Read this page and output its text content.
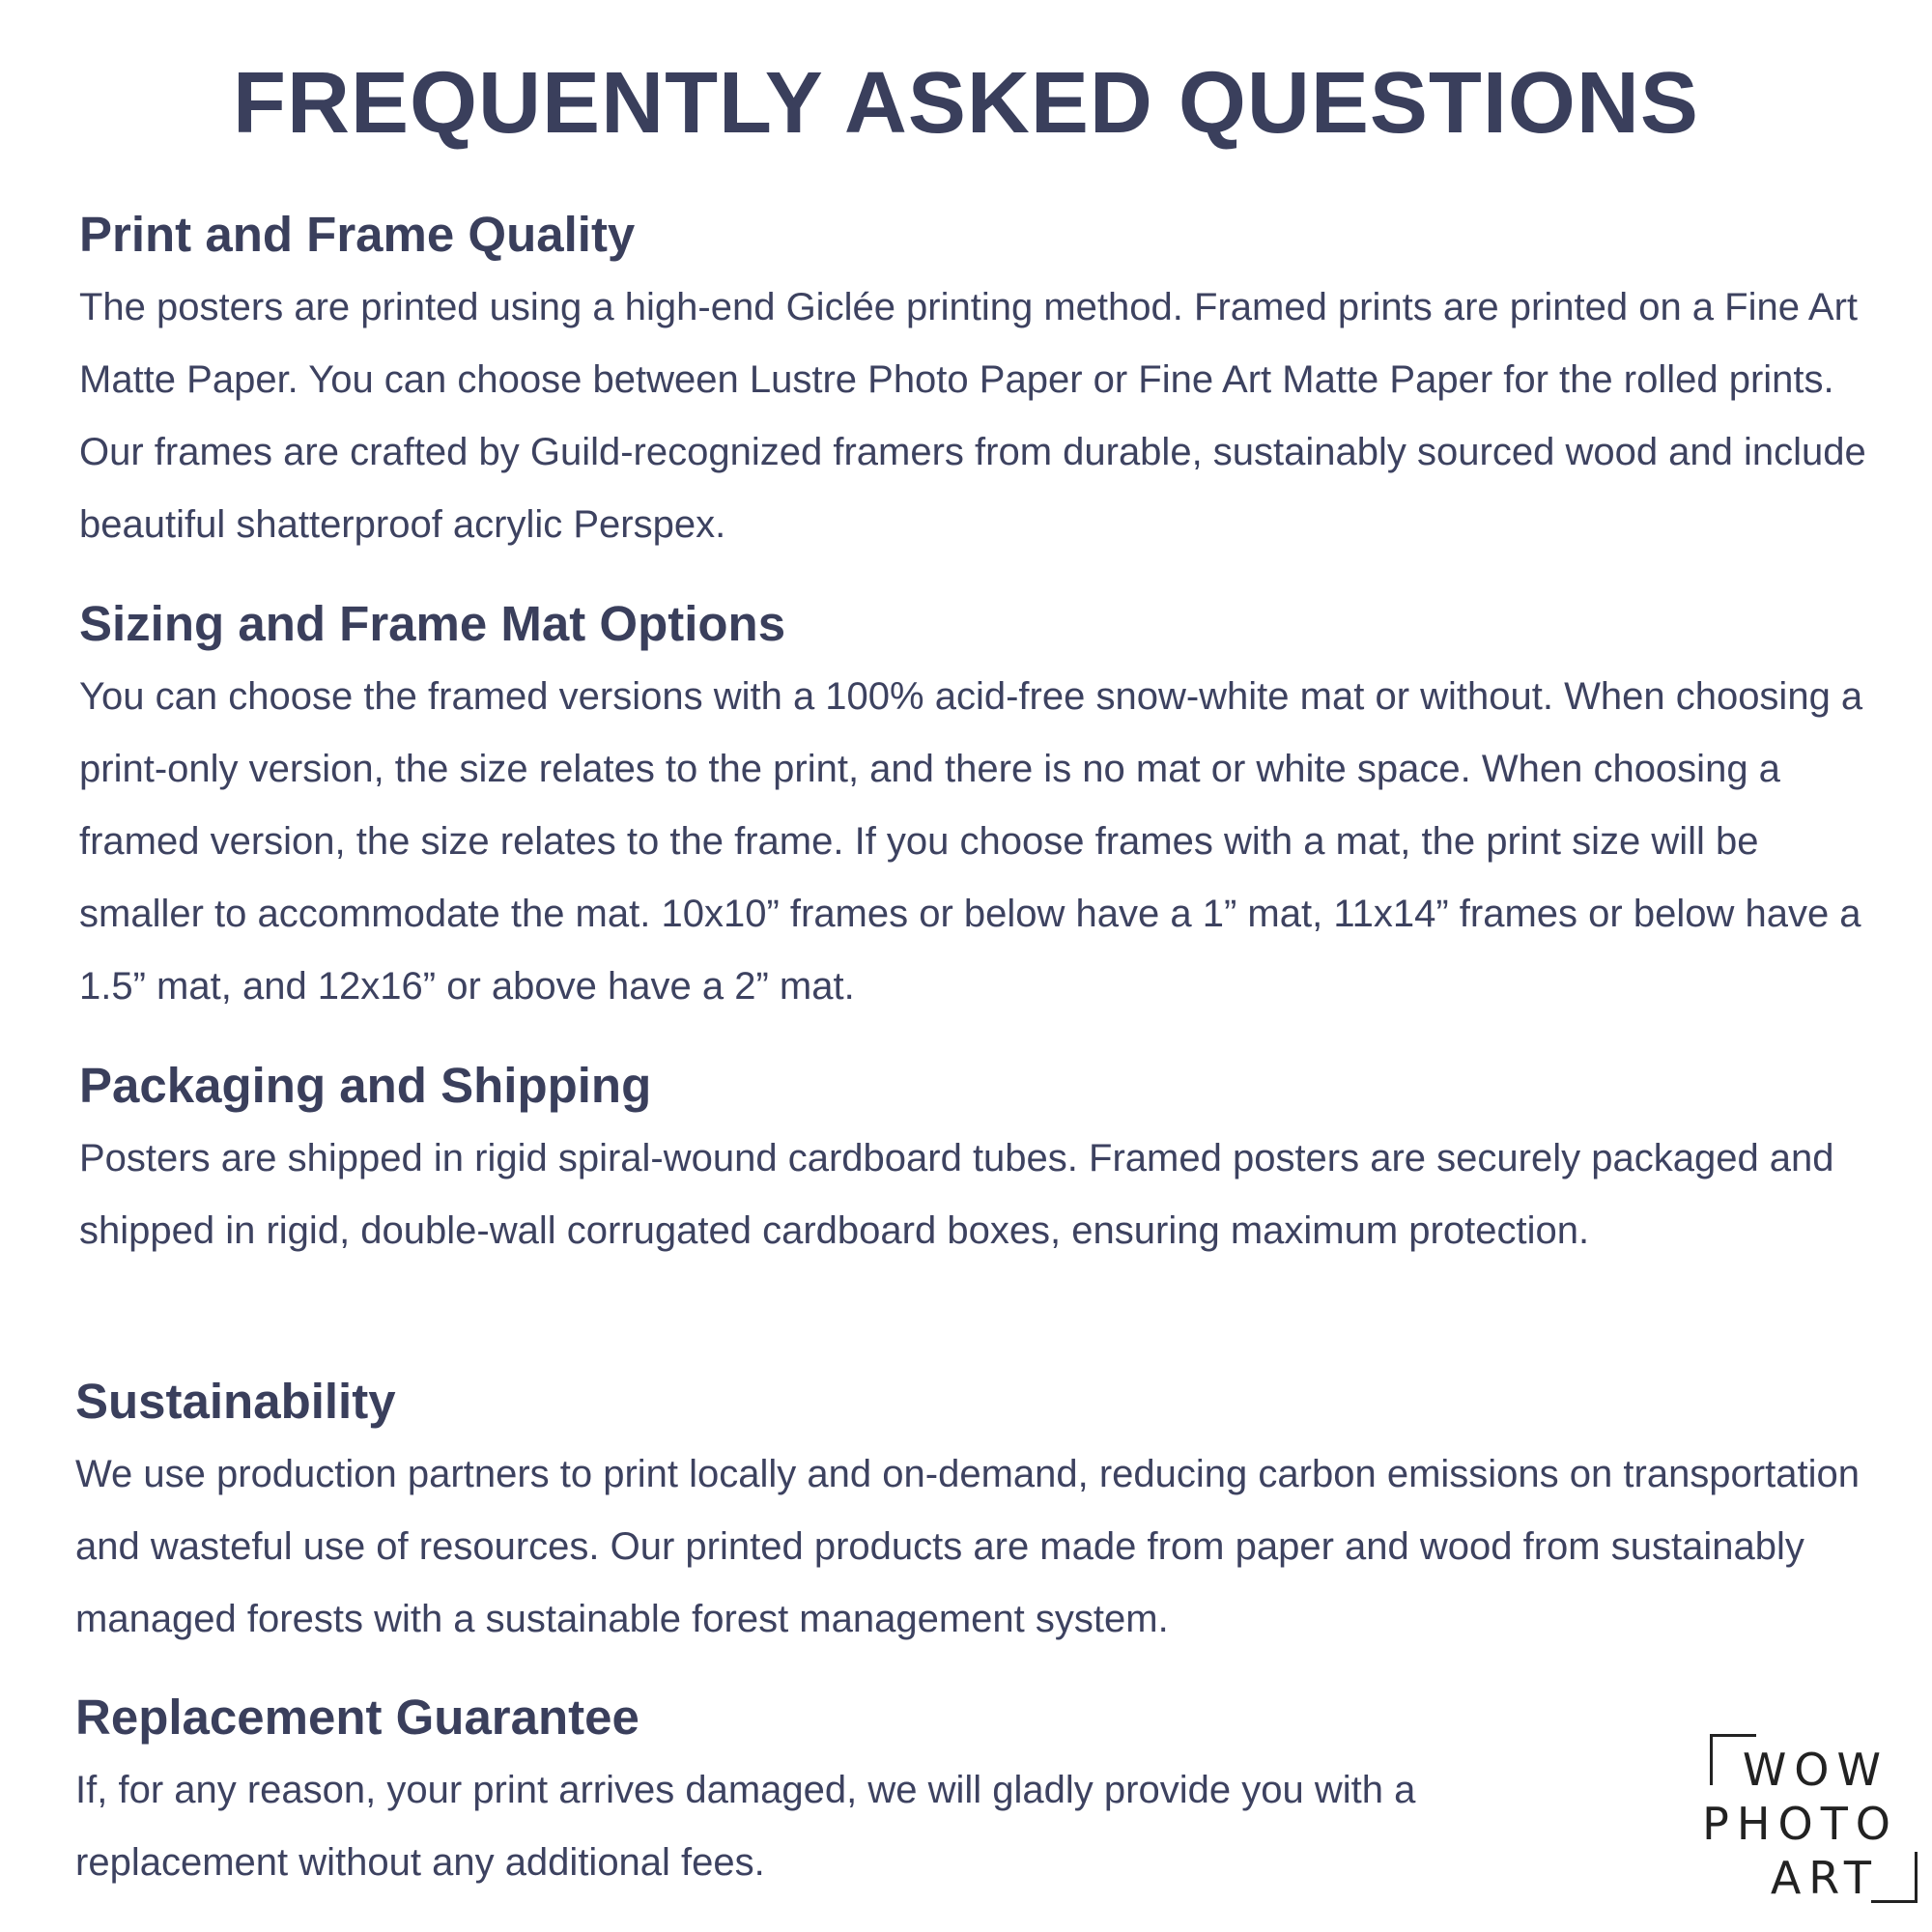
FREQUENTLY ASKED QUESTIONS
Print and Frame Quality

The posters are printed using a high-end Giclée printing method. Framed prints are printed on a Fine Art Matte Paper. You can choose between Lustre Photo Paper or Fine Art Matte Paper for the rolled prints. Our frames are crafted by Guild-recognized framers from durable, sustainably sourced wood and include beautiful shatterproof acrylic Perspex.

Sizing and Frame Mat Options

You can choose the framed versions with a 100% acid-free snow-white mat or without. When choosing a print-only version, the size relates to the print, and there is no mat or white space. When choosing a framed version, the size relates to the frame. If you choose frames with a mat, the print size will be smaller to accommodate the mat. 10x10” frames or below have a 1” mat, 11x14” frames or below have a 1.5” mat, and 12x16” or above have a 2” mat.

Packaging and Shipping

Posters are shipped in rigid spiral-wound cardboard tubes. Framed posters are securely packaged and shipped in rigid, double-wall corrugated cardboard boxes, ensuring maximum protection.

Sustainability

We use production partners to print locally and on-demand, reducing carbon emissions on transportation and wasteful use of resources. Our printed products are made from paper and wood from sustainably managed forests with a sustainable forest management system.

Replacement Guarantee

If, for any reason, your print arrives damaged, we will gladly provide you with a replacement without any additional fees.

WOW
PHOTO
ART
